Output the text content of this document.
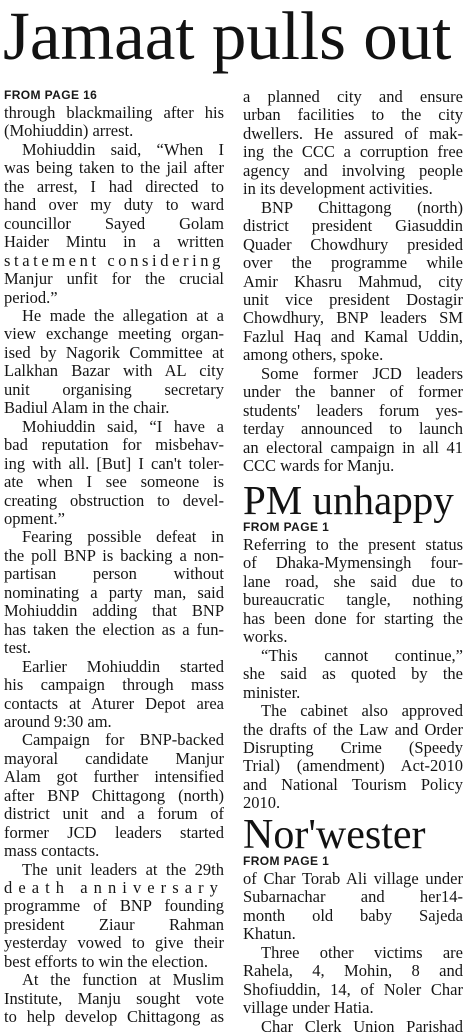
Jamaat pulls out
FROM PAGE 16
through blackmailing after his
(Mohiuddin) arrest.
Mohiuddin said, “When I
was being taken to the jail after
the arrest, I had directed to
hand over my duty to ward
councillor Sayed Golam
Haider Mintu in a written
statement considering
Manjur unfit for the crucial
period.”
He made the allegation at a
view exchange meeting organ-
ised by Nagorik Committee at
Lalkhan Bazar with AL city
unit organising secretary
Badiul Alam in the chair.
Mohiuddin said, “I have a
bad reputation for misbehav-
ing with all. [But] I can't toler-
ate when I see someone is
creating obstruction to devel-
opment.”
Fearing possible defeat in
the poll BNP is backing a non-
partisan person without
nominating a party man, said
Mohiuddin adding that BNP
has taken the election as a fun-
test.
Earlier Mohiuddin started
his campaign through mass
contacts at Aturer Depot area
around 9:30 am.
Campaign for BNP-backed
mayoral candidate Manjur
Alam got further intensified
after BNP Chittagong (north)
district unit and a forum of
former JCD leaders started
mass contacts.
The unit leaders at the 29th
death anniversary
programme of BNP founding
president Ziaur Rahman
yesterday vowed to give their
best efforts to win the election.
At the function at Muslim
Institute, Manju sought vote
to help develop Chittagong as
a planned city and ensure
urban facilities to the city
dwellers. He assured of mak-
ing the CCC a corruption free
agency and involving people
in its development activities.
BNP Chittagong (north)
district president Giasuddin
Quader Chowdhury presided
over the programme while
Amir Khasru Mahmud, city
unit vice president Dostagir
Chowdhury, BNP leaders SM
Fazlul Haq and Kamal Uddin,
among others, spoke.
Some former JCD leaders
under the banner of former
students' leaders forum yes-
terday announced to launch
an electoral campaign in all 41
CCC wards for Manju.
PM unhappy
FROM PAGE 1
Referring to the present status
of Dhaka-Mymensingh four-
lane road, she said due to
bureaucratic tangle, nothing
has been done for starting the
works.
“This cannot continue,”
she said as quoted by the
minister.
The cabinet also approved
the drafts of the Law and Order
Disrupting Crime (Speedy
Trial) (amendment) Act-2010
and National Tourism Policy
2010.
Nor'wester
FROM PAGE 1
of Char Torab Ali village under
Subarnachar and her14-
month old baby Sajeda
Khatun.
Three other victims are
Rahela, 4, Mohin, 8 and
Shofiuddin, 14, of Noler Char
village under Hatia.
Char Clerk Union Parishad
